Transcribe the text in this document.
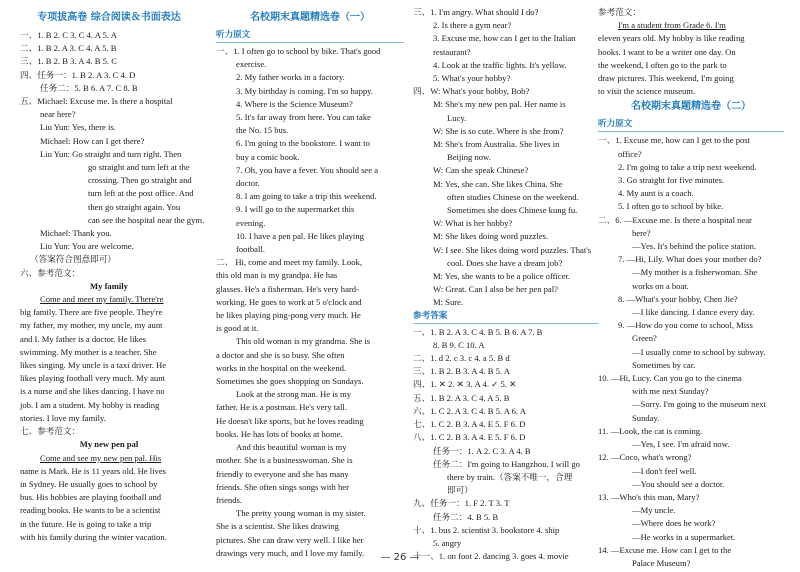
专项拔高卷 综合阅读＆书面表达
一、1. B 2. C 3. C 4. A 5. A
二、1. B 2. A 3. C 4. A 5. B
三、1. B 2. B 3. A 4. B 5. C
四、任务一：1. B 2. A 3. C 4. D
任务二：5. B 6. A 7. C 8. B
五、Michael: Excuse me. Is there a hospital
near here?
Liu Yun: Yes, there is.
Michael: How can I get there?
Liu Yun: Go straight and turn right. Then
go straight and turn left at the
crossing. Then go straight and
turn left at the post office. And
then go straight again. You
can see the hospital near the gym.
Michael: Thank you.
Liu Yun: You are welcome.
（答案符合图意即可）
六、参考范文：
My family
Come and meet my family. There're
big family. There are five people. They're
my father, my mother, my uncle, my aunt
and I. My father is a doctor. He likes
swimming. My mother is a teacher. She
likes singing. My uncle is a taxi driver. He
likes playing football very much. My aunt
is a nurse and she likes dancing. I have no
job. I am a student. My hobby is reading
stories. I love my family.
七、参考范文：
My new pen pal
Come and see my new pen pal. His
name is Mark. He is 11 years old. He lives
in Sydney. He usually goes to school by
bus. His hobbies are playing football and
reading books. He wants to be a scientist
in the future. He is going to take a trip
with his family during the winter vacation.
名校期末真题精选卷（一）
听力原文
一、1. I often go to school by bike. That's good
exercise.
2. My father works in a factory.
3. My birthday is coming. I'm so happy.
4. Where is the Science Museum?
5. It's far away from here. You can take
the No. 15 bus.
6. I'm going to the bookstore. I want to
buy a comic book.
7. Oh, you have a fever. You should see a
doctor.
8. I am going to take a trip this weekend.
9. I will go to the supermarket this
evening.
10. I have a pen pal. He likes playing
football.
二、 Hi, come and meet my family. Look,
this old man is my grandpa. He has
glasses. He's a fisherman. He's very hard-
working. He goes to work at 5 o'clock and
he likes playing ping-pong very much. He
is good at it.
This old woman is my grandma. She is
a doctor and she is so busy. She often
works in the hospital on the weekend.
Sometimes she goes shopping on Sundays.
Look at the strong man. He is my
father. He is a postman. He's very tall.
He doesn't like sports, but he loves reading
books. He has lots of books at home.
And this beautiful woman is my
mother. She is a businesswoman. She is
friendly to everyone and she has many
friends. She often sings songs with her
friends.
The pretty young woman is my sister.
She is a scientist. She likes drawing
pictures. She can draw very well. I like her
drawings very much, and I love my family.
三、1. I'm angry. What should I do?
2. Is there a gym near?
3. Excuse me, how can I get to the Italian
restaurant?
4. Look at the traffic lights. It's yellow.
5. What's your hobby?
四、W: What's your hobby, Bob?
M: She's my new pen pal. Her name is
Lucy.
W: She is so cute. Where is she from?
M: She's from Australia. She lives in
Beijing now.
W: Can she speak Chinese?
M: Yes, she can. She likes China. She
often studies Chinese on the weekend.
Sometimes she does Chinese kung fu.
W: What is her hobby?
M: She likes doing word puzzles.
W: I see. She likes doing word puzzles. That's
cool. Does she have a dream job?
M: Yes, she wants to be a police officer.
W: Great. Can I also be her pen pal?
M: Sure.
参考答案
一、1. B 2. A 3. C 4. B 5. B 6. A 7. B
8. B 9. C 10. A
二、1. d 2. c 3. c 4. a 5. B d
三、1. B 2. B 3. A 4. B 5. A
四、1. ✕ 2. ✕ 3. A 4. ✓ 5. ✕
五、1. B 2. A 3. C 4. A 5. B
六、1. C 2. A 3. C 4. B 5. A 6. A
七、1. C 2. B 3. A 4. E 5. F 6. D
八、1. C 2. B 3. A 4. E 5. F 6. D
任务一：1. A 2. C 3. A 4. B
任务二：I'm going to Hangzhou. I will go
there by train.（答案不唯一，合理
即可）
九、任务一：1. F 2. T 3. T
任务二：4. B 5. B
十、1. bus 2. scientist 3. bookstore 4. ship
5. angry
十一、1. on foot 2. dancing 3. goes 4. movie
参考范文：
I'm a student from Grade 6. I'm
eleven years old. My hobby is like reading
books. I want to be a writer one day. On
the weekend, I often go to the park to
draw pictures. This weekend, I'm going
to visit the science museum.
名校期末真题精选卷（二）
听力原文
一、1. Excuse me, how can I get to the post
office?
2. I'm going to take a trip next weekend.
3. Go straight for five minutes.
4. My aunt is a coach.
5. I often go to school by bike.
二、6. —Excuse me. Is there a hospital near
here?
—Yes. It's behind the police station.
7. —Hi, Lily. What does your mother do?
—My mother is a fisherwoman. She
works on a boat.
8. —What's your hobby, Chen Jie?
—I like dancing. I dance every day.
9. —How do you come to school, Miss
Green?
—I usually come to school by subway.
Sometimes by car.
10. —Hi, Lucy. Can you go to the cinema
with me next Sunday?
—Sorry. I'm going to the museum next
Sunday.
11. —Look, the cat is coming.
—Yes, I see. I'm afraid now.
12. —Coco, what's wrong?
—I don't feel well.
—You should see a doctor.
13. —Who's this man, Mary?
—My uncle.
—Where does he work?
—He works in a supermarket.
14. —Excuse me. How can I get to the
Palace Museum?
— 26 —
